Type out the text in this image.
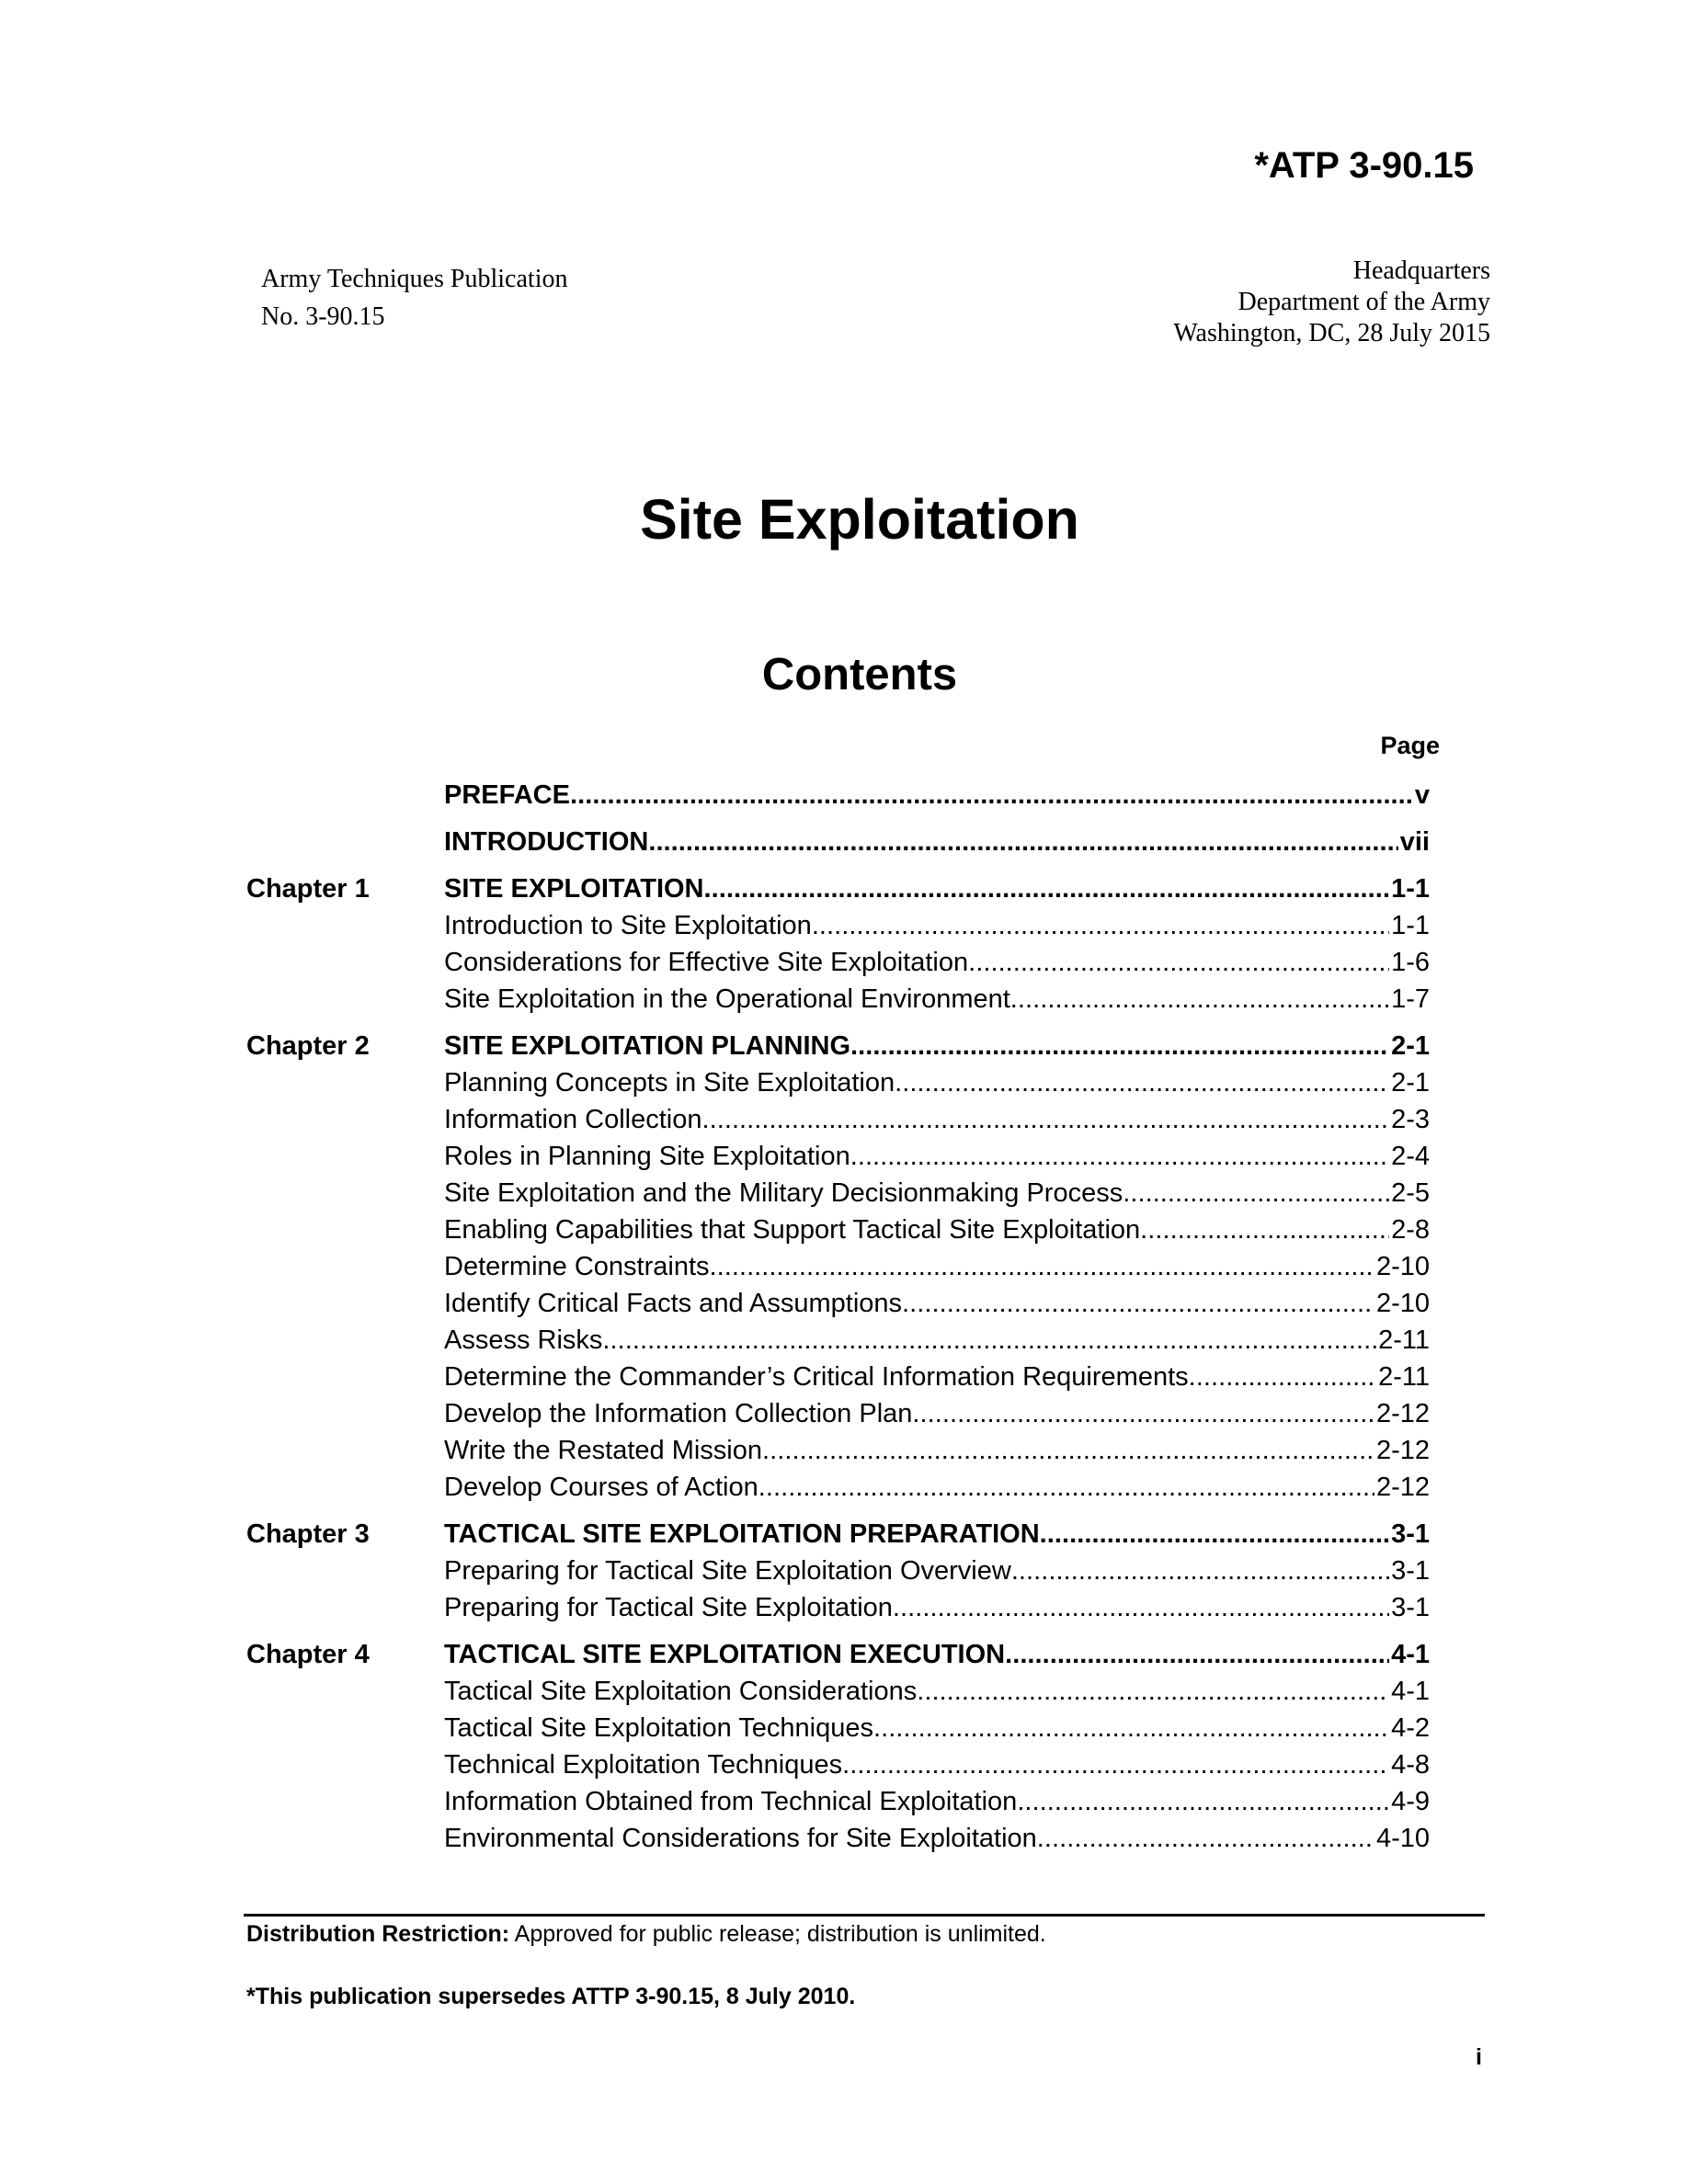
*ATP 3-90.15
Army Techniques Publication
No. 3-90.15
Headquarters
Department of the Army
Washington, DC, 28 July 2015
Site Exploitation
Contents
Page
PREFACE . . .	v
INTRODUCTION . . .	vii
Chapter 1	SITE EXPLOITATION . . .	1-1
Introduction to Site Exploitation . . .	1-1
Considerations for Effective Site Exploitation . . .	1-6
Site Exploitation in the Operational Environment . . .	1-7
Chapter 2	SITE EXPLOITATION PLANNING . . .	2-1
Planning Concepts in Site Exploitation . . .	2-1
Information Collection . . .	2-3
Roles in Planning Site Exploitation . . .	2-4
Site Exploitation and the Military Decisionmaking Process . . .	2-5
Enabling Capabilities that Support Tactical Site Exploitation . . .	2-8
Determine Constraints . . .	2-10
Identify Critical Facts and Assumptions . . .	2-10
Assess Risks . . .	2-11
Determine the Commander’s Critical Information Requirements . . .	2-11
Develop the Information Collection Plan . . .	2-12
Write the Restated Mission . . .	2-12
Develop Courses of Action . . .	2-12
Chapter 3	TACTICAL SITE EXPLOITATION PREPARATION . . .	3-1
Preparing for Tactical Site Exploitation Overview . . .	3-1
Preparing for Tactical Site Exploitation . . .	3-1
Chapter 4	TACTICAL SITE EXPLOITATION EXECUTION . . .	4-1
Tactical Site Exploitation Considerations . . .	4-1
Tactical Site Exploitation Techniques . . .	4-2
Technical Exploitation Techniques . . .	4-8
Information Obtained from Technical Exploitation . . .	4-9
Environmental Considerations for Site Exploitation . . .	4-10
Distribution Restriction: Approved for public release; distribution is unlimited.
*This publication supersedes ATTP 3-90.15, 8 July 2010.
i
